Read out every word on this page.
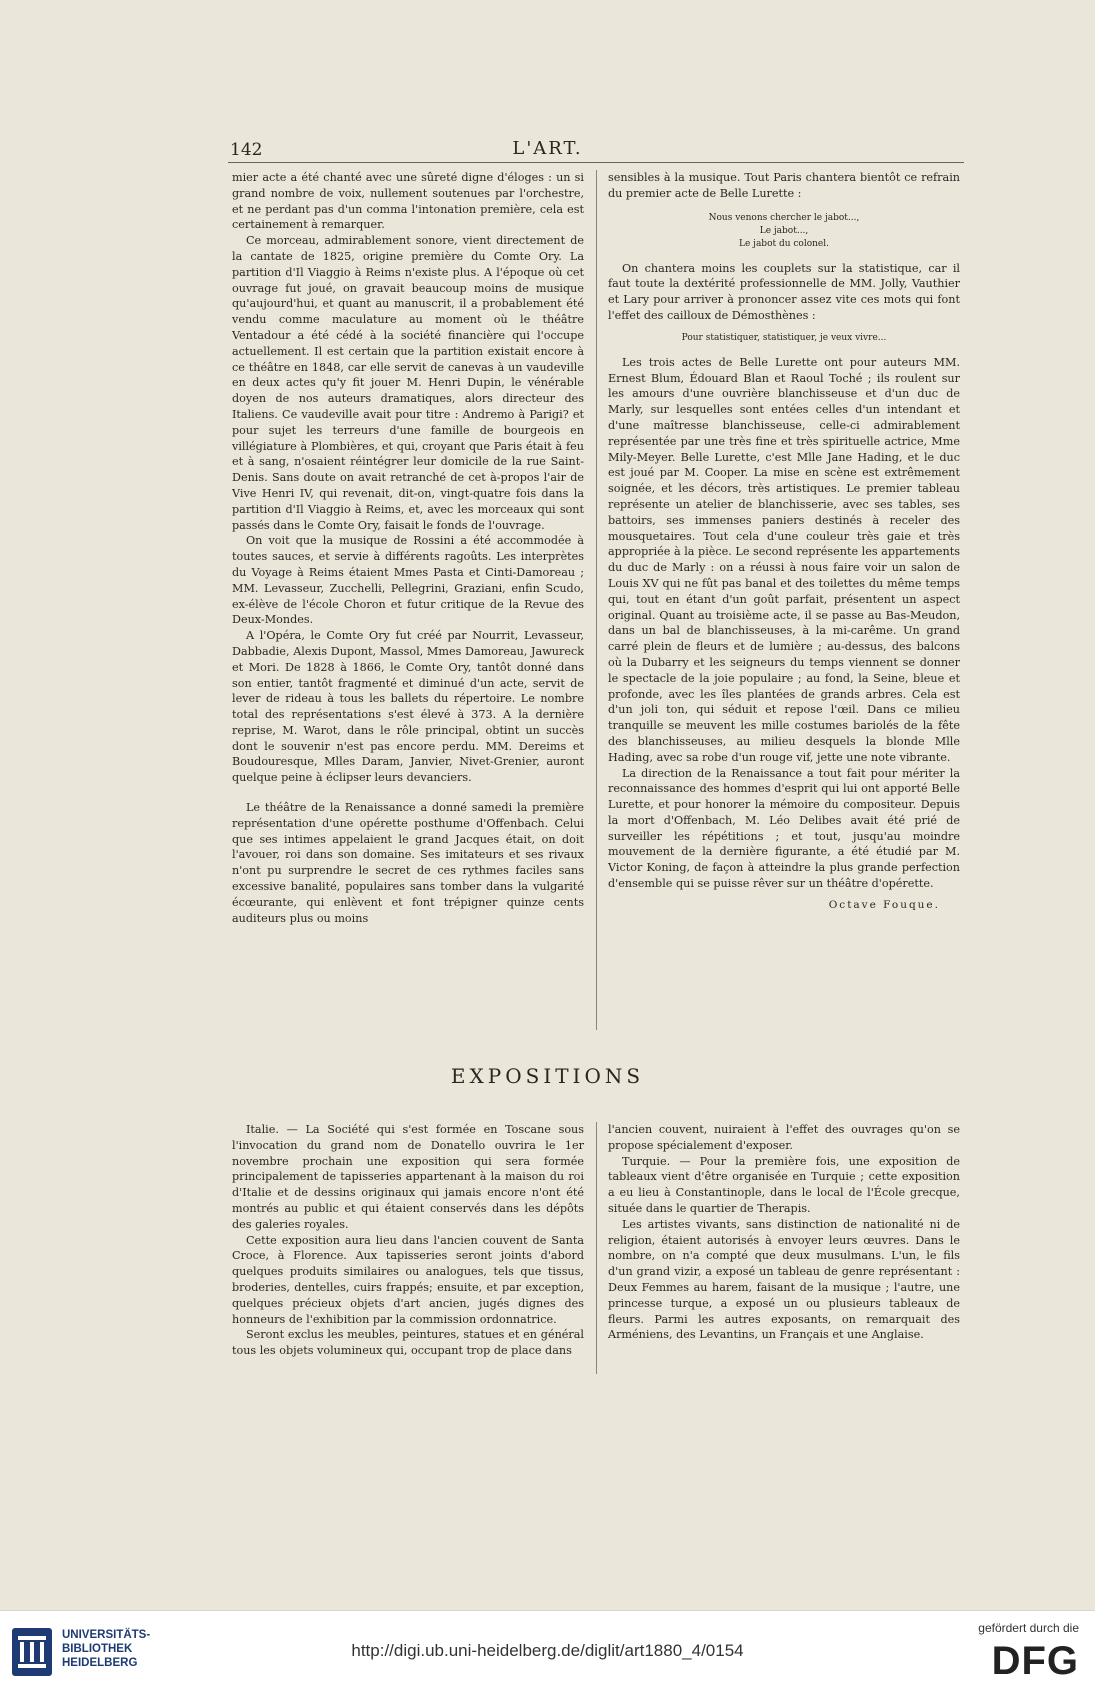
142	L'ART.

mier acte a été chanté avec une sûreté digne d'éloges : un si grand nombre de voix, nullement soutenues par l'orchestre, et ne perdant pas d'un comma l'intonation première, cela est certainement à remarquer.

Ce morceau, admirablement sonore, vient directement de la cantate de 1825, origine première du Comte Ory. La partition d'Il Viaggio à Reims n'existe plus. A l'époque où cet ouvrage fut joué, on gravait beaucoup moins de musique qu'aujourd'hui, et quant au manuscrit, il a probablement été vendu comme maculature au moment où le théâtre Ventadour a été cédé à la société financière qui l'occupe actuellement. Il est certain que la partition existait encore à ce théâtre en 1848, car elle servit de canevas à un vaudeville en deux actes qu'y fit jouer M. Henri Dupin, le vénérable doyen de nos auteurs dramatiques, alors directeur des Italiens. Ce vaudeville avait pour titre : Andremo à Parigi? et pour sujet les terreurs d'une famille de bourgeois en villégiature à Plombières, et qui, croyant que Paris était à feu et à sang, n'osaient réintégrer leur domicile de la rue Saint-Denis. Sans doute on avait retranché de cet à-propos l'air de Vive Henri IV, qui revenait, dit-on, vingt-quatre fois dans la partition d'Il Viaggio à Reims, et, avec les morceaux qui sont passés dans le Comte Ory, faisait le fonds de l'ouvrage.

On voit que la musique de Rossini a été accommodée à toutes sauces, et servie à différents ragoûts. Les interprètes du Voyage à Reims étaient Mmes Pasta et Cinti-Damoreau ; MM. Levasseur, Zucchelli, Pellegrini, Graziani, enfin Scudo, ex-élève de l'école Choron et futur critique de la Revue des Deux-Mondes.

A l'Opéra, le Comte Ory fut créé par Nourrit, Levasseur, Dabbadie, Alexis Dupont, Massol, Mmes Damoreau, Jawureck et Mori. De 1828 à 1866, le Comte Ory, tantôt donné dans son entier, tantôt fragmenté et diminué d'un acte, servit de lever de rideau à tous les ballets du répertoire. Le nombre total des représentations s'est élevé à 373. A la dernière reprise, M. Warot, dans le rôle principal, obtint un succès dont le souvenir n'est pas encore perdu. MM. Dereims et Boudouresque, Mlles Daram, Janvier, Nivet-Grenier, auront quelque peine à éclipser leurs devanciers.

Le théâtre de la Renaissance a donné samedi la première représentation d'une opérette posthume d'Offenbach. Celui que ses intimes appelaient le grand Jacques était, on doit l'avouer, roi dans son domaine. Ses imitateurs et ses rivaux n'ont pu surprendre le secret de ces rythmes faciles sans excessive banalité, populaires sans tomber dans la vulgarité écœurante, qui enlèvent et font trépigner quinze cents auditeurs plus ou moins

sensibles à la musique. Tout Paris chantera bientôt ce refrain du premier acte de Belle Lurette :

Nous venons chercher le jabot...,

Le jabot...,

Le jabot du colonel.

On chantera moins les couplets sur la statistique, car il faut toute la dextérité professionnelle de MM. Jolly, Vauthier et Lary pour arriver à prononcer assez vite ces mots qui font l'effet des cailloux de Démosthènes :

Pour statistiquer, statistiquer, je veux vivre...

Les trois actes de Belle Lurette ont pour auteurs MM. Ernest Blum, Édouard Blan et Raoul Toché ; ils roulent sur les amours d'une ouvrière blanchisseuse et d'un duc de Marly, sur lesquelles sont entées celles d'un intendant et d'une maîtresse blanchisseuse, celle-ci admirablement représentée par une très fine et très spirituelle actrice, Mme Mily-Meyer. Belle Lurette, c'est Mlle Jane Hading, et le duc est joué par M. Cooper. La mise en scène est extrêmement soignée, et les décors, très artistiques. Le premier tableau représente un atelier de blanchisserie, avec ses tables, ses battoirs, ses immenses paniers destinés à receler des mousquetaires. Tout cela d'une couleur très gaie et très appropriée à la pièce. Le second représente les appartements du duc de Marly : on a réussi à nous faire voir un salon de Louis XV qui ne fût pas banal et des toilettes du même temps qui, tout en étant d'un goût parfait, présentent un aspect original. Quant au troisième acte, il se passe au Bas-Meudon, dans un bal de blanchisseuses, à la mi-carême. Un grand carré plein de fleurs et de lumière ; au-dessus, des balcons où la Dubarry et les seigneurs du temps viennent se donner le spectacle de la joie populaire ; au fond, la Seine, bleue et profonde, avec les îles plantées de grands arbres. Cela est d'un joli ton, qui séduit et repose l'œil. Dans ce milieu tranquille se meuvent les mille costumes bariolés de la fête des blanchisseuses, au milieu desquels la blonde Mlle Hading, avec sa robe d'un rouge vif, jette une note vibrante.

La direction de la Renaissance a tout fait pour mériter la reconnaissance des hommes d'esprit qui lui ont apporté Belle Lurette, et pour honorer la mémoire du compositeur. Depuis la mort d'Offenbach, M. Léo Delibes avait été prié de surveiller les répétitions ; et tout, jusqu'au moindre mouvement de la dernière figurante, a été étudié par M. Victor Koning, de façon à atteindre la plus grande perfection d'ensemble qui se puisse rêver sur un théâtre d'opérette.

Octave Fouque.

EXPOSITIONS

Italie. — La Société qui s'est formée en Toscane sous l'invocation du grand nom de Donatello ouvrira le 1er novembre prochain une exposition qui sera formée principalement de tapisseries appartenant à la maison du roi d'Italie et de dessins originaux qui jamais encore n'ont été montrés au public et qui étaient conservés dans les dépôts des galeries royales.

Cette exposition aura lieu dans l'ancien couvent de Santa Croce, à Florence. Aux tapisseries seront joints d'abord quelques produits similaires ou analogues, tels que tissus, broderies, dentelles, cuirs frappés; ensuite, et par exception, quelques précieux objets d'art ancien, jugés dignes des honneurs de l'exhibition par la commission ordonnatrice.

Seront exclus les meubles, peintures, statues et en général tous les objets volumineux qui, occupant trop de place dans

l'ancien couvent, nuiraient à l'effet des ouvrages qu'on se propose spécialement d'exposer.

Turquie. — Pour la première fois, une exposition de tableaux vient d'être organisée en Turquie ; cette exposition a eu lieu à Constantinople, dans le local de l'École grecque, située dans le quartier de Therapis.

Les artistes vivants, sans distinction de nationalité ni de religion, étaient autorisés à envoyer leurs œuvres. Dans le nombre, on n'a compté que deux musulmans. L'un, le fils d'un grand vizir, a exposé un tableau de genre représentant : Deux Femmes au harem, faisant de la musique ; l'autre, une princesse turque, a exposé un ou plusieurs tableaux de fleurs. Parmi les autres exposants, on remarquait des Arméniens, des Levantins, un Français et une Anglaise.

UNIVERSITÄTS-
BIBLIOTHEK
HEIDELBERG
http://digi.ub.uni-heidelberg.de/diglit/art1880_4/0154
gefördert durch die
DFG
